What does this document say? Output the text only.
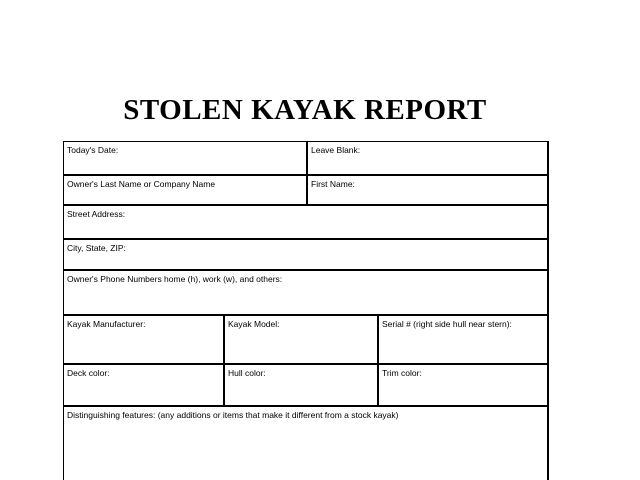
STOLEN KAYAK REPORT
Today's Date:	Leave Blank:
Owner's Last Name or Company Name	First Name:
Street Address:
City, State, ZIP:
Owner's Phone Numbers home (h), work (w), and others:
Kayak Manufacturer:	Kayak Model:	Serial # (right side hull near stern):
Deck color:	Hull color:	Trim color:
Distinguishing features: (any additions or items that make it different from a stock kayak)
